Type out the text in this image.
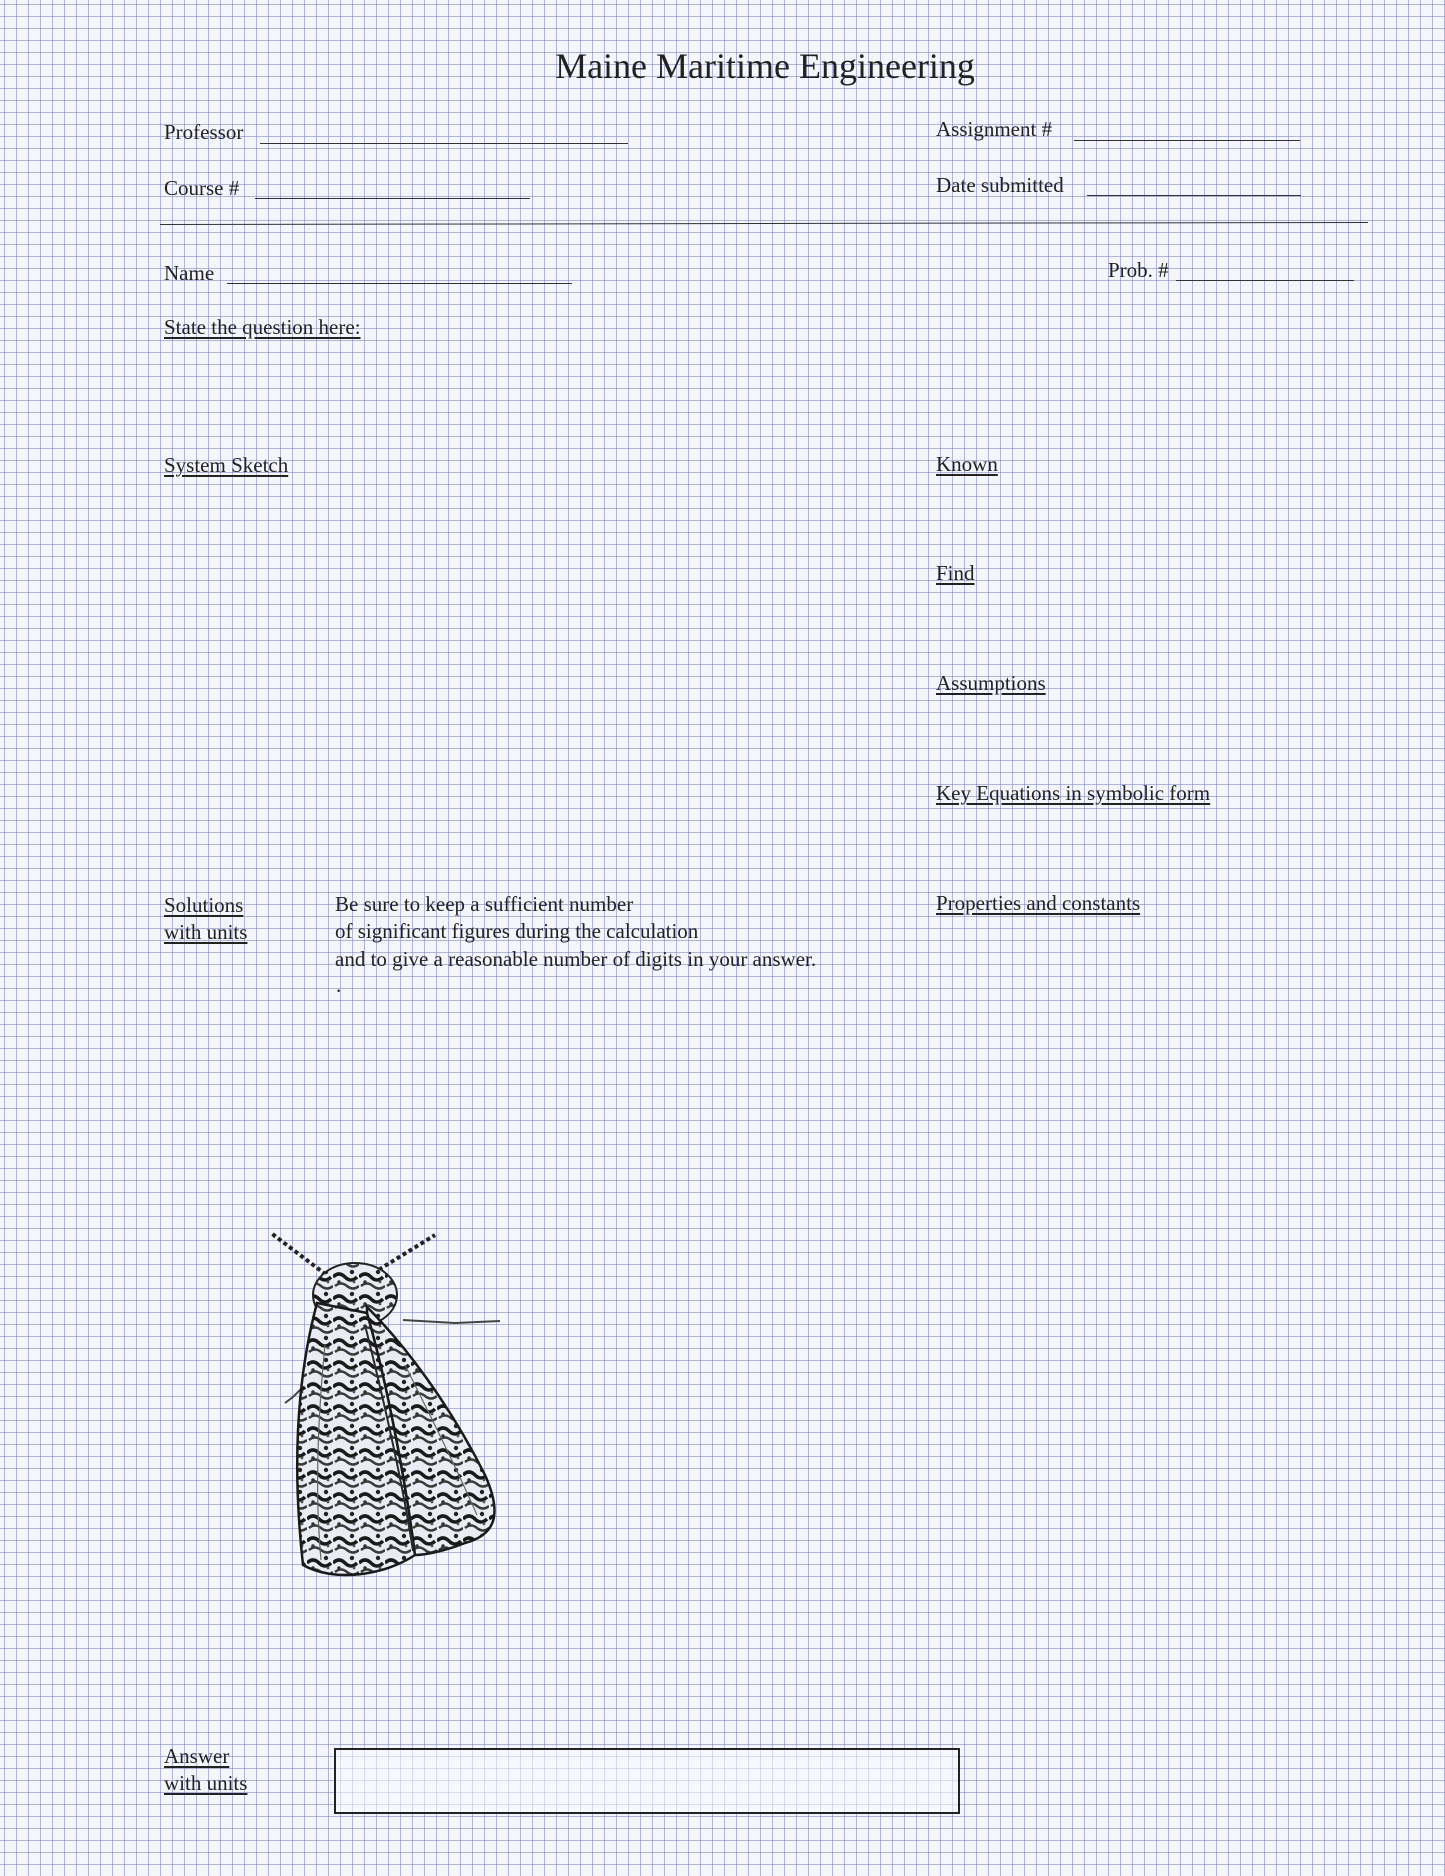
Maine Maritime Engineering
Professor	Assignment #
Course #	Date submitted
Name	Prob. #
State the question here:
System Sketch	Known
Find
Assumptions
Key Equations in symbolic form
Properties and constants
Solutions
with units
Be sure to keep a sufficient number
of significant figures during the calculation
and to give a reasonable number of digits in your answer.
.
Answer
with units
